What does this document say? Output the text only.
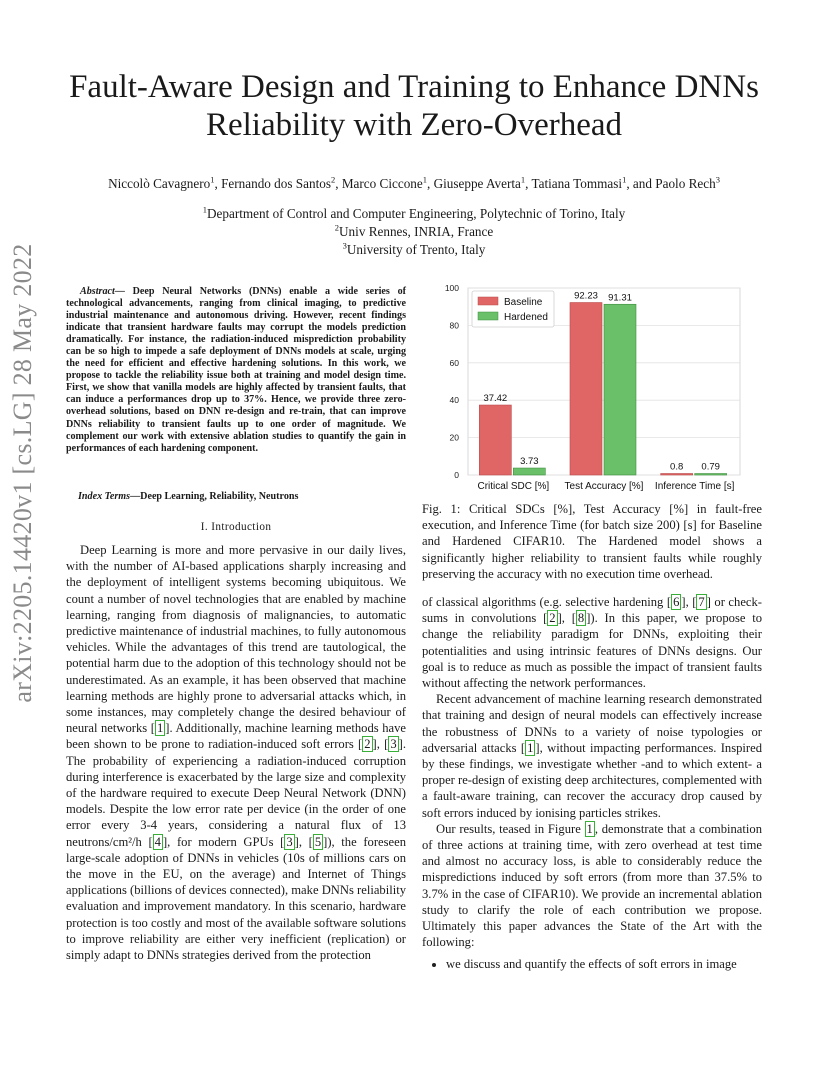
Fault-Aware Design and Training to Enhance DNNs
Reliability with Zero-Overhead
Niccolò Cavagnero$^1$, Fernando dos Santos$^2$, Marco Ciccone$^1$, Giuseppe Averta$^1$, Tatiana Tommasi$^1$, and Paolo Rech$^3$
$^1$Department of Control and Computer Engineering, Polytechnic of Torino, Italy
$^2$Univ Rennes, INRIA, France
$^3$University of Trento, Italy
arXiv:2205.14420v1 [cs.LG] 28 May 2022	Abstract— Deep Neural Networks (DNNs) enable a wide series of technological advancements, ranging from clinical imaging, to predictive industrial maintenance and autonomous driving. However, recent findings indicate that transient hardware faults may corrupt the models prediction dramatically. For instance, the radiation-induced misprediction probability can be so high to impede a safe deployment of DNNs models at scale, urging the need for efficient and effective hardening solutions. In this work, we propose to tackle the reliability issue both at training and model design time. First, we show that vanilla models are highly affected by transient faults, that can induce a performances drop up to 37%. Hence, we provide three zero-overhead solutions, based on DNN re-design and re-train, that can improve DNNs reliability to transient faults up to one order of magnitude. We complement our work with extensive ablation studies to quantify the gain in performances of each hardening component.
Index Terms—Deep Learning, Reliability, Neutrons
I. Introduction

Deep Learning is more and more pervasive in our daily lives, with the number of AI-based applications sharply increasing and the deployment of intelligent systems becoming ubiquitous. We count a number of novel technologies that are enabled by machine learning, ranging from diagnosis of malignancies, to automatic predictive maintenance of industrial machines, to fully autonomous vehicles. While the advantages of this trend are tautological, the potential harm due to the adoption of this technology should not be underestimated. As an example, it has been observed that machine learning methods are highly prone to adversarial attacks which, in some instances, may completely change the desired behaviour of neural networks [ 1 ]. Additionally, machine learning methods have been shown to be prone to radiation-induced soft errors [ 2 ], [ 3 ]. The probability of experiencing a radiation-induced corruption during interference is exacerbated by the large size and complexity of the hardware required to execute Deep Neural Network (DNN) models. Despite the low error rate per device (in the order of one error every 3-4 years, considering a natural flux of 13 neutrons/cm²/h [ 4 ], for modern GPUs [ 3 ], [ 5 ]), the foreseen large-scale adoption of DNNs in vehicles (10s of millions cars on the move in the EU, on the average) and Internet of Things applications (billions of devices connected), make DNNs reliability evaluation and improvement mandatory. In this scenario, hardware protection is too costly and most of the available software solutions to improve reliability are either very inefficient (replication) or simply adapt to DNNs strategies derived from the protection

0
20
40
60
80
100
37.42
3.73
Critical SDC [%]
92.23 91.31
Test Accuracy [%]
0.8 0.79
Inference Time [s]
Baseline
Hardened
Fig. 1: Critical SDCs [%], Test Accuracy [%] in fault-free execution, and Inference Time (for batch size 200) [s] for Baseline and Hardened CIFAR10. The Hardened model shows a significantly higher reliability to transient faults while roughly preserving the accuracy with no execution time overhead.

of classical algorithms (e.g. selective hardening [ 6 ], [ 7 ] or check-sums in convolutions [ 2 ], [ 8 ]). In this paper, we propose to change the reliability paradigm for DNNs, exploiting their potentialities and using intrinsic features of DNNs designs. Our goal is to reduce as much as possible the impact of transient faults without affecting the network performances.

Recent advancement of machine learning research demonstrated that training and design of neural models can effectively increase the robustness of DNNs to a variety of noise typologies or adversarial attacks [ 1 ], without impacting performances. Inspired by these findings, we investigate whether -and to which extent- a proper re-design of existing deep architectures, complemented with a fault-aware training, can recover the accuracy drop caused by soft errors induced by ionising particles strikes.

Our results, teased in Figure 1 , demonstrate that a combination of three actions at training time, with zero overhead at test time and almost no accuracy loss, is able to considerably reduce the mispredictions induced by soft errors (from more than 37.5% to 3.7% in the case of CIFAR10). We provide an incremental ablation study to clarify the role of each contribution we propose. Ultimately this paper advances the State of the Art with the following:

we discuss and quantify the effects of soft errors in image
